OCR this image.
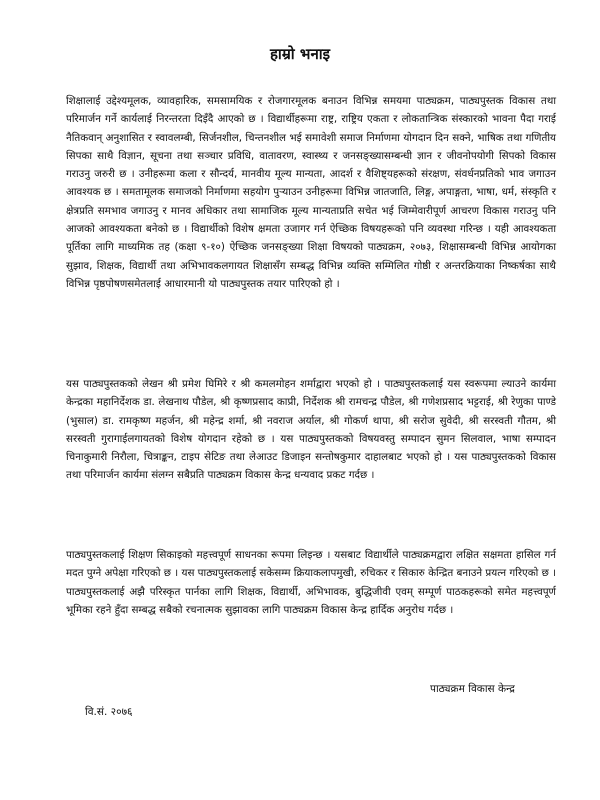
हाम्रो भनाइ

शिक्षालाई उद्देश्यमूलक, व्यावहारिक, समसामयिक र रोजगारमूलक बनाउन विभिन्न समयमा पाठ्यक्रम, पाठ्यपुस्तक विकास तथा परिमार्जन गर्ने कार्यलाई निरन्तरता दिइँदै आएको छ । विद्यार्थीहरूमा राष्ट्र, राष्ट्रिय एकता र लोकतान्त्रिक संस्कारको भावना पैदा गराई नैतिकवान् अनुशासित र स्वावलम्बी, सिर्जनशील, चिन्तनशील भई समावेशी समाज निर्माणमा योगदान दिन सक्ने, भाषिक तथा गणितीय सिपका साथै विज्ञान, सूचना तथा सञ्चार प्रविधि, वातावरण, स्वास्थ्य र जनसङ्ख्यासम्बन्धी ज्ञान र जीवनोपयोगी सिपको विकास गराउनु जरुरी छ । उनीहरूमा कला र सौन्दर्य, मानवीय मूल्य मान्यता, आदर्श र वैशिष्ट्यहरूको संरक्षण, संवर्धनप्रतिको भाव जगाउन आवश्यक छ । समतामूलक समाजको निर्माणमा सहयोग पुऱ्याउन उनीहरूमा विभिन्न जातजाति, लिङ्ग, अपाङ्गता, भाषा, धर्म, संस्कृति र क्षेत्रप्रति समभाव जगाउनु र मानव अधिकार तथा सामाजिक मूल्य मान्यताप्रति सचेत भई जिम्मेवारीपूर्ण आचरण विकास गराउनु पनि आजको आवश्यकता बनेको छ । विद्यार्थीको विशेष क्षमता उजागर गर्न ऐच्छिक विषयहरूको पनि व्यवस्था गरिन्छ । यही आवश्यकता पूर्तिका लागि माध्यमिक तह (कक्षा ९-१०) ऐच्छिक जनसङ्ख्या शिक्षा विषयको पाठ्यक्रम, २०७३, शिक्षासम्बन्धी विभिन्न आयोगका सुझाव, शिक्षक, विद्यार्थी तथा अभिभावकलगायत शिक्षासँग सम्बद्ध विभिन्न व्यक्ति सम्मिलित गोष्ठी र अन्तरक्रियाका निष्कर्षका साथै विभिन्न पृष्ठपोषणसमेतलाई आधारमानी यो पाठ्यपुस्तक तयार पारिएको हो ।

यस पाठ्यपुस्तकको लेखन श्री प्रमेश घिमिरे र श्री कमलमोहन शर्माद्वारा भएको हो । पाठ्यपुस्तकलाई यस स्वरूपमा ल्याउने कार्यमा केन्द्रका महानिर्देशक डा. लेखनाथ पौडेल, श्री कृष्णप्रसाद काप्री, निर्देशक श्री रामचन्द्र पौडेल, श्री गणेशप्रसाद भट्टराई, श्री रेणुका पाण्डे (भुसाल) डा. रामकृष्ण महर्जन, श्री महेन्द्र शर्मा, श्री नवराज अर्याल, श्री गोकर्ण थापा, श्री सरोज सुवेदी, श्री सरस्वती गौतम, श्री सरस्वती गुरागाईलगायतको विशेष योगदान रहेको छ । यस पाठ्यपुस्तकको विषयवस्तु सम्पादन सुमन सिलवाल, भाषा सम्पादन चिनाकुमारी निरौला, चित्राङ्कन, टाइप सेटिङ तथा लेआउट डिजाइन सन्तोषकुमार दाहालबाट भएको हो । यस पाठ्यपुस्तकको विकास तथा परिमार्जन कार्यमा संलग्न सबैप्रति पाठ्यक्रम विकास केन्द्र धन्यवाद प्रकट गर्दछ ।

पाठ्यपुस्तकलाई शिक्षण सिकाइको महत्त्वपूर्ण साधनका रूपमा लिइन्छ । यसबाट विद्यार्थीले पाठ्यक्रमद्वारा लक्षित सक्षमता हासिल गर्न मदत पुग्ने अपेक्षा गरिएको छ । यस पाठ्यपुस्तकलाई सकेसम्म क्रियाकलापमुखी, रुचिकर र सिकारु केन्द्रित बनाउने प्रयत्न गरिएको छ । पाठ्यपुस्तकलाई अझै परिस्कृत पार्नका लागि शिक्षक, विद्यार्थी, अभिभावक, बुद्धिजीवी एवम् सम्पूर्ण पाठकहरूको समेत महत्त्वपूर्ण भूमिका रहने हुँदा सम्बद्ध सबैको रचनात्मक सुझावका लागि पाठ्यक्रम विकास केन्द्र हार्दिक अनुरोध गर्दछ ।

पाठ्यक्रम विकास केन्द्र
वि.सं. २०७६
